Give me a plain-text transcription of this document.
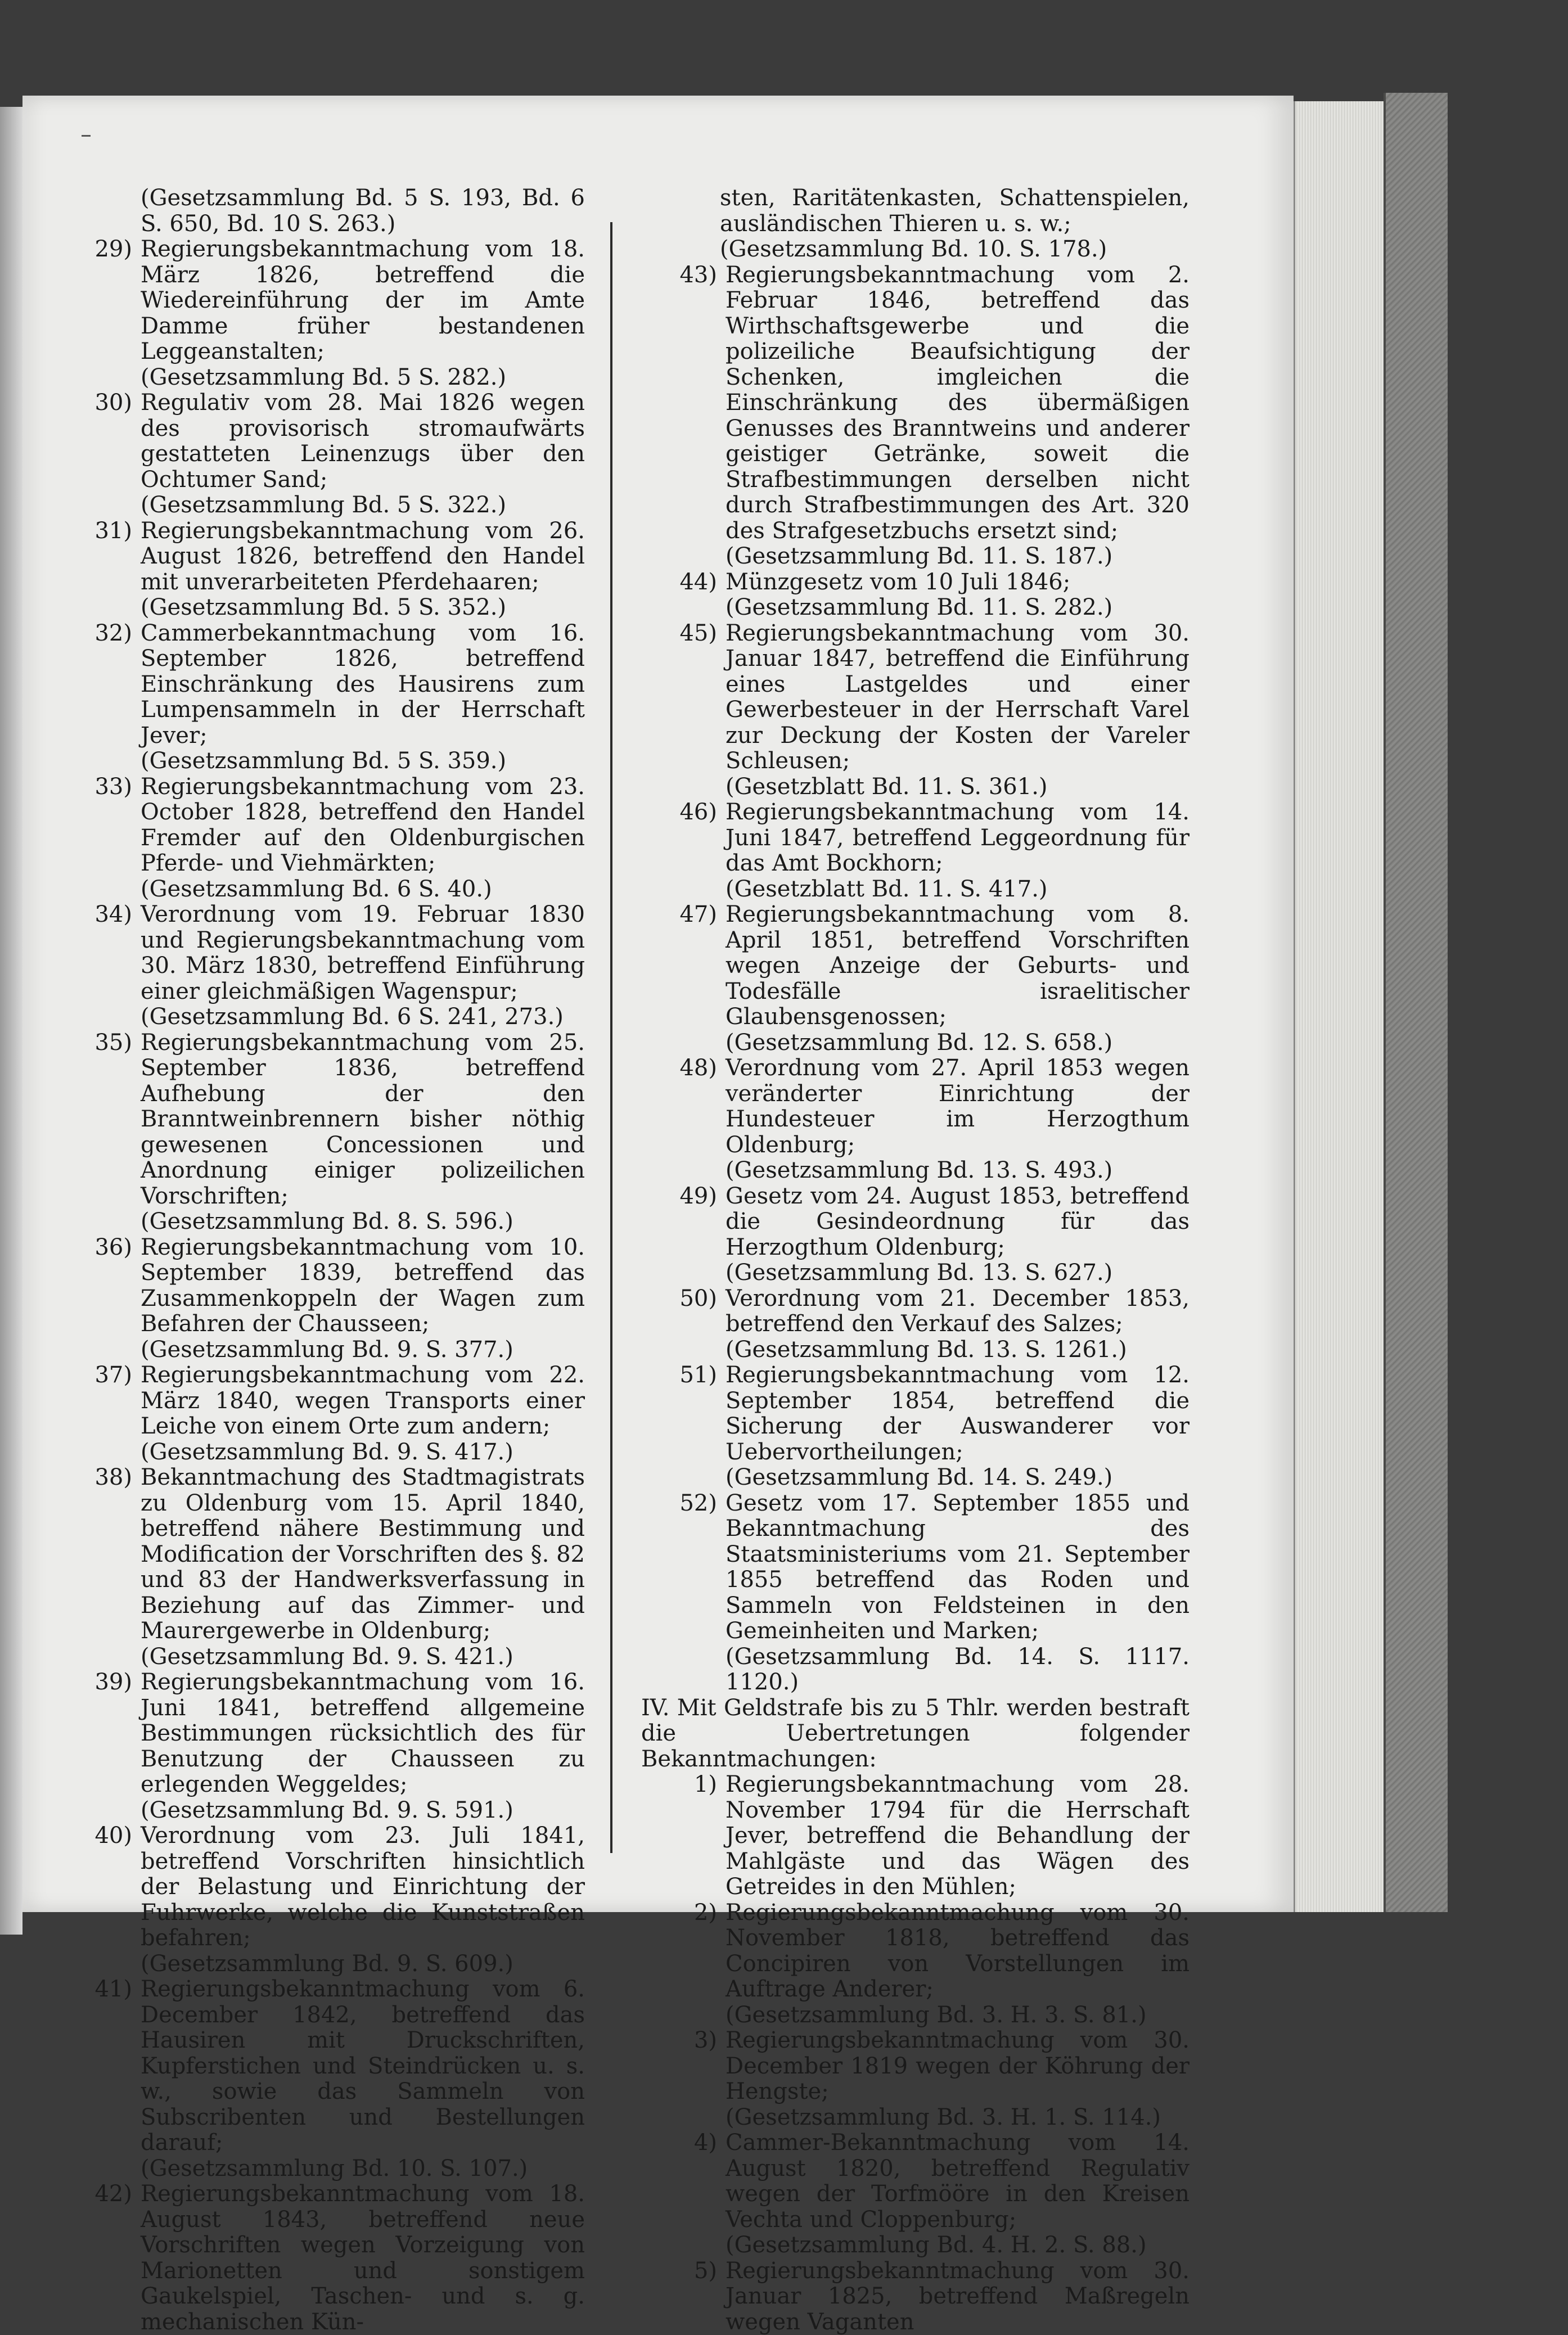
(Gesetzsammlung Bd. 5 S. 193, Bd. 6 S. 650, Bd. 10 S. 263.)
29) Regierungsbekanntmachung vom 18. März 1826, betreffend die Wiedereinführung der im Amte Damme früher bestandenen Leggeanstalten;
(Gesetzsammlung Bd. 5 S. 282.)
30) Regulativ vom 28. Mai 1826 wegen des provisorisch stromaufwärts gestatteten Leinenzugs über den Ochtumer Sand;
(Gesetzsammlung Bd. 5 S. 322.)
31) Regierungsbekanntmachung vom 26. August 1826, betreffend den Handel mit unverarbeiteten Pferdehaaren;
(Gesetzsammlung Bd. 5 S. 352.)
32) Cammerbekanntmachung vom 16. September 1826, betreffend Einschränkung des Hausirens zum Lumpensammeln in der Herrschaft Jever;
(Gesetzsammlung Bd. 5 S. 359.)
33) Regierungsbekanntmachung vom 23. October 1828, betreffend den Handel Fremder auf den Oldenburgischen Pferde- und Viehmärkten;
(Gesetzsammlung Bd. 6 S. 40.)
34) Verordnung vom 19. Februar 1830 und Regierungsbekanntmachung vom 30. März 1830, betreffend Einführung einer gleichmäßigen Wagenspur;
(Gesetzsammlung Bd. 6 S. 241, 273.)
35) Regierungsbekanntmachung vom 25. September 1836, betreffend Aufhebung der den Branntweinbrennern bisher nöthig gewesenen Concessionen und Anordnung einiger polizeilichen Vorschriften;
(Gesetzsammlung Bd. 8. S. 596.)
36) Regierungsbekanntmachung vom 10. September 1839, betreffend das Zusammenkoppeln der Wagen zum Befahren der Chausseen;
(Gesetzsammlung Bd. 9. S. 377.)
37) Regierungsbekanntmachung vom 22. März 1840, wegen Transports einer Leiche von einem Orte zum andern;
(Gesetzsammlung Bd. 9. S. 417.)
38) Bekanntmachung des Stadtmagistrats zu Oldenburg vom 15. April 1840, betreffend nähere Bestimmung und Modification der Vorschriften des §. 82 und 83 der Handwerksverfassung in Beziehung auf das Zimmer- und Maurergewerbe in Oldenburg;
(Gesetzsammlung Bd. 9. S. 421.)
39) Regierungsbekanntmachung vom 16. Juni 1841, betreffend allgemeine Bestimmungen rücksichtlich des für Benutzung der Chausseen zu erlegenden Weggeldes;
(Gesetzsammlung Bd. 9. S. 591.)
40) Verordnung vom 23. Juli 1841, betreffend Vorschriften hinsichtlich der Belastung und Einrichtung der Fuhrwerke, welche die Kunststraßen befahren;
(Gesetzsammlung Bd. 9. S. 609.)
41) Regierungsbekanntmachung vom 6. December 1842, betreffend das Hausiren mit Druckschriften, Kupferstichen und Steindrücken u. s. w., sowie das Sammeln von Subscribenten und Bestellungen darauf;
(Gesetzsammlung Bd. 10. S. 107.)
42) Regierungsbekanntmachung vom 18. August 1843, betreffend neue Vorschriften wegen Vorzeigung von Marionetten und sonstigem Gaukelspiel, Taschen- und s. g. mechanischen Kün-
sten, Raritätenkasten, Schattenspielen, ausländischen Thieren u. s. w.;
(Gesetzsammlung Bd. 10. S. 178.)
43) Regierungsbekanntmachung vom 2. Februar 1846, betreffend das Wirthschaftsgewerbe und die polizeiliche Beaufsichtigung der Schenken, imgleichen die Einschränkung des übermäßigen Genusses des Branntweins und anderer geistiger Getränke, soweit die Strafbestimmungen derselben nicht durch Strafbestimmungen des Art. 320 des Strafgesetzbuchs ersetzt sind;
(Gesetzsammlung Bd. 11. S. 187.)
44) Münzgesetz vom 10 Juli 1846;
(Gesetzsammlung Bd. 11. S. 282.)
45) Regierungsbekanntmachung vom 30. Januar 1847, betreffend die Einführung eines Lastgeldes und einer Gewerbesteuer in der Herrschaft Varel zur Deckung der Kosten der Vareler Schleusen;
(Gesetzblatt Bd. 11. S. 361.)
46) Regierungsbekanntmachung vom 14. Juni 1847, betreffend Leggeordnung für das Amt Bockhorn;
(Gesetzblatt Bd. 11. S. 417.)
47) Regierungsbekanntmachung vom 8. April 1851, betreffend Vorschriften wegen Anzeige der Geburts- und Todesfälle israelitischer Glaubensgenossen;
(Gesetzsammlung Bd. 12. S. 658.)
48) Verordnung vom 27. April 1853 wegen veränderter Einrichtung der Hundesteuer im Herzogthum Oldenburg;
(Gesetzsammlung Bd. 13. S. 493.)
49) Gesetz vom 24. August 1853, betreffend die Gesindeordnung für das Herzogthum Oldenburg;
(Gesetzsammlung Bd. 13. S. 627.)
50) Verordnung vom 21. December 1853, betreffend den Verkauf des Salzes;
(Gesetzsammlung Bd. 13. S. 1261.)
51) Regierungsbekanntmachung vom 12. September 1854, betreffend die Sicherung der Auswanderer vor Uebervortheilungen;
(Gesetzsammlung Bd. 14. S. 249.)
52) Gesetz vom 17. September 1855 und Bekanntmachung des Staatsministeriums vom 21. September 1855 betreffend das Roden und Sammeln von Feldsteinen in den Gemeinheiten und Marken;
(Gesetzsammlung Bd. 14. S. 1117. 1120.)
IV. Mit Geldstrafe bis zu 5 Thlr. werden bestraft die Uebertretungen folgender Bekanntmachungen:
1) Regierungsbekanntmachung vom 28. November 1794 für die Herrschaft Jever, betreffend die Behandlung der Mahlgäste und das Wägen des Getreides in den Mühlen;
2) Regierungsbekanntmachung vom 30. November 1818, betreffend das Concipiren von Vorstellungen im Auftrage Anderer;
(Gesetzsammlung Bd. 3. H. 3. S. 81.)
3) Regierungsbekanntmachung vom 30. December 1819 wegen der Köhrung der Hengste;
(Gesetzsammlung Bd. 3. H. 1. S. 114.)
4) Cammer-Bekanntmachung vom 14. August 1820, betreffend Regulativ wegen der Torfmööre in den Kreisen Vechta und Cloppenburg;
(Gesetzsammlung Bd. 4. H. 2. S. 88.)
5) Regierungsbekanntmachung vom 30. Januar 1825, betreffend Maßregeln wegen Vaganten
